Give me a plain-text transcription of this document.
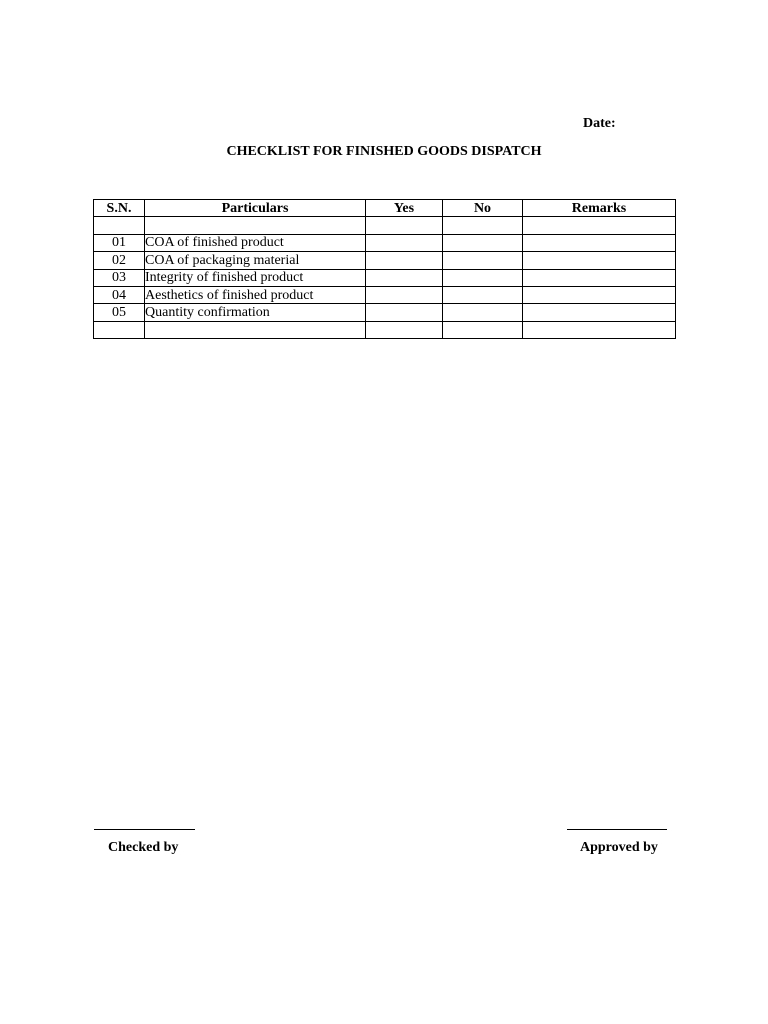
Date:
CHECKLIST FOR FINISHED GOODS DISPATCH
S.N.	Particulars	Yes	No	Remarks

01	COA of finished product			
02	COA of packaging material			
03	Integrity of finished product			
04	Aesthetics of finished product			
05	Quantity confirmation			

Checked by	Approved by
